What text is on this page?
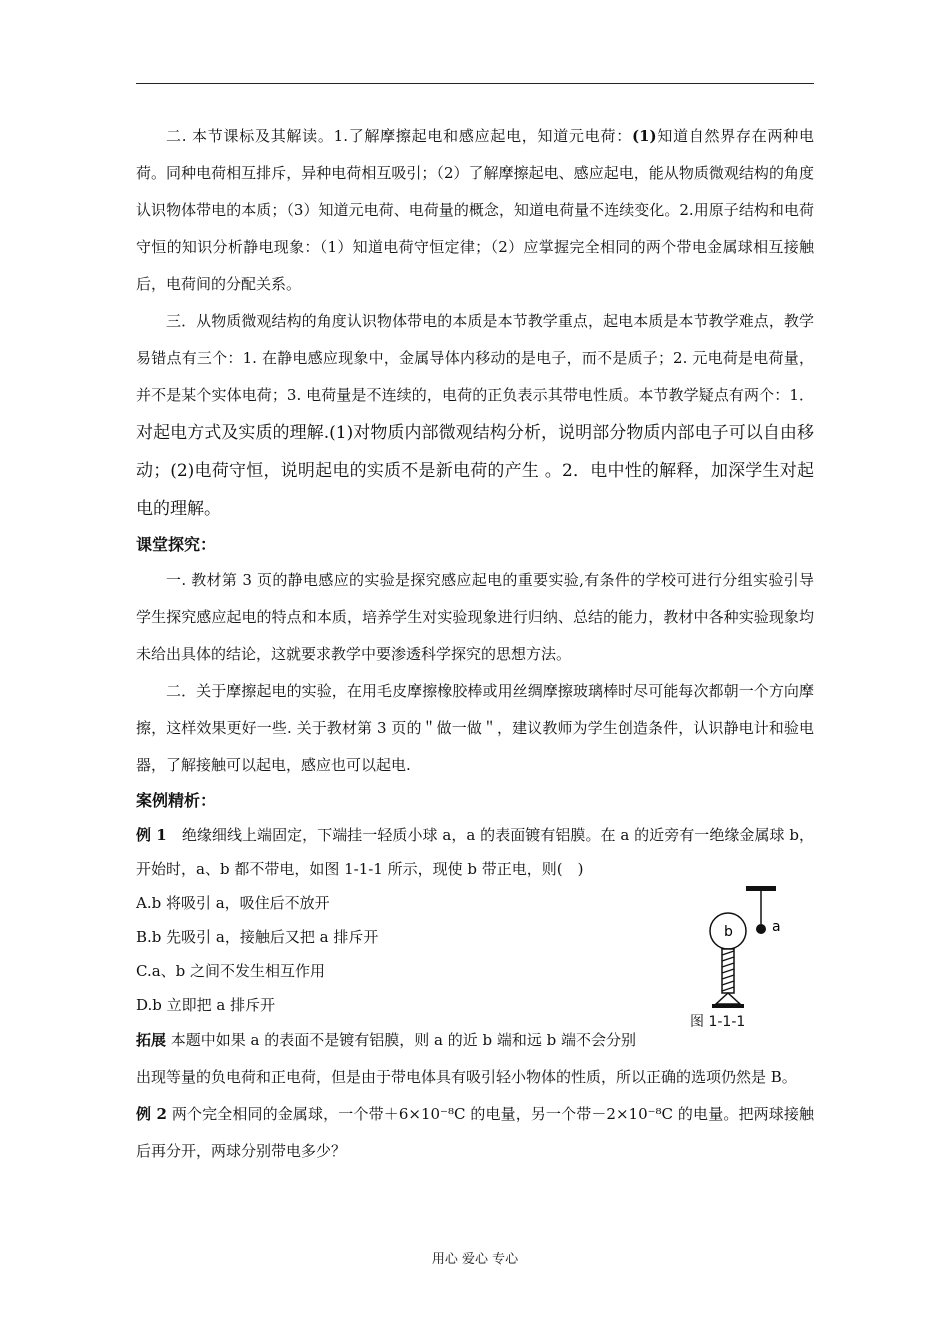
二. 本节课标及其解读。1.了解摩擦起电和感应起电，知道元电荷：(1)知道自然界存在两种电荷。同种电荷相互排斥，异种电荷相互吸引；（2）了解摩擦起电、感应起电，能从物质微观结构的角度认识物体带电的本质；（3）知道元电荷、电荷量的概念，知道电荷量不连续变化。2.用原子结构和电荷守恒的知识分析静电现象：（1）知道电荷守恒定律；（2）应掌握完全相同的两个带电金属球相互接触后，电荷间的分配关系。

三．从物质微观结构的角度认识物体带电的本质是本节教学重点，起电本质是本节教学难点，教学易错点有三个：1. 在静电感应现象中，金属导体内移动的是电子，而不是质子；2. 元电荷是电荷量，并不是某个实体电荷；3. 电荷量是不连续的，电荷的正负表示其带电性质。本节教学疑点有两个：1．对起电方式及实质的理解.(1)对物质内部微观结构分析，说明部分物质内部电子可以自由移动；(2)电荷守恒，说明起电的实质不是新电荷的产生 。2．电中性的解释，加深学生对起电的理解。

课堂探究：

一. 教材第 3 页的静电感应的实验是探究感应起电的重要实验,有条件的学校可进行分组实验引导学生探究感应起电的特点和本质，培养学生对实验现象进行归纳、总结的能力，教材中各种实验现象均未给出具体的结论，这就要求教学中要渗透科学探究的思想方法。

二．关于摩擦起电的实验，在用毛皮摩擦橡胶棒或用丝绸摩擦玻璃棒时尽可能每次都朝一个方向摩擦，这样效果更好一些. 关于教材第 3 页的＂做一做＂，建议教师为学生创造条件，认识静电计和验电器，了解接触可以起电，感应也可以起电.

案例精析：

例 1　绝缘细线上端固定，下端挂一轻质小球 a，a 的表面镀有铝膜。在 a 的近旁有一绝缘金属球 b，开始时，a、b 都不带电，如图 1-1-1 所示，现使 b 带正电，则(　)

A.b 将吸引 a，吸住后不放开

B.b 先吸引 a，接触后又把 a 排斥开

C.a、b 之间不发生相互作用

D.b 立即把 a 排斥开

拓展 本题中如果 a 的表面不是镀有铝膜，则 a 的近 b 端和远 b 端不会分别

出现等量的负电荷和正电荷，但是由于带电体具有吸引轻小物体的性质，所以正确的选项仍然是 B。

例 2 两个完全相同的金属球，一个带＋6×10⁻⁸C 的电量，另一个带－2×10⁻⁸C 的电量。把两球接触后再分开，两球分别带电多少？

b	a
图 1-1-1
用心 爱心 专心
